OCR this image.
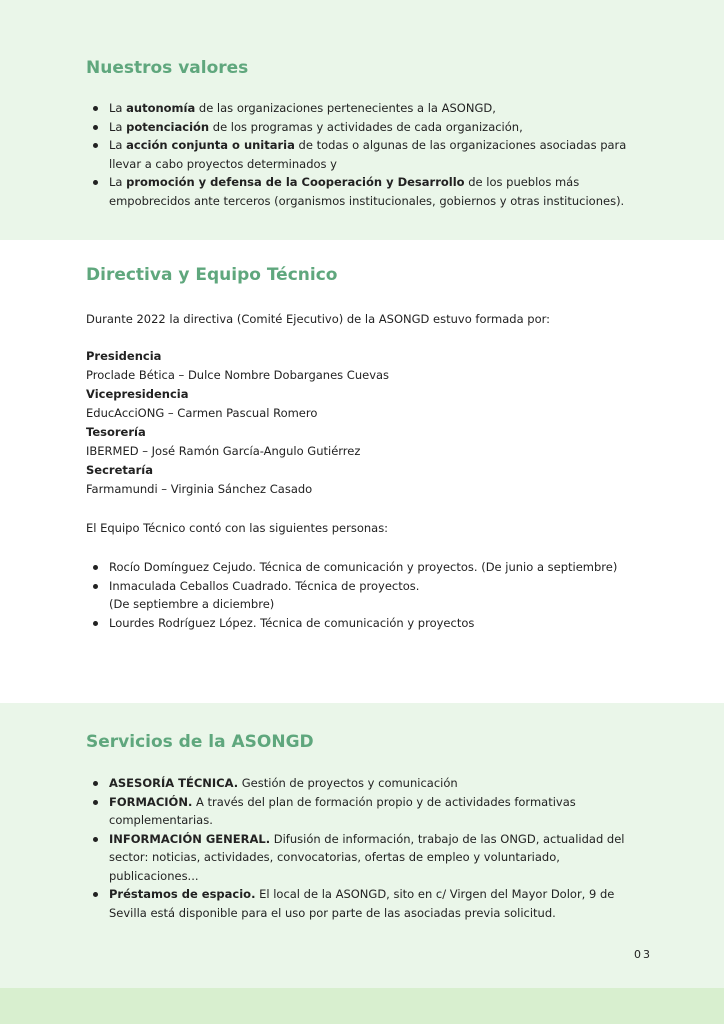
Nuestros valores
La autonomía de las organizaciones pertenecientes a la ASONGD,
La potenciación de los programas y actividades de cada organización,
La acción conjunta o unitaria de todas o algunas de las organizaciones asociadas para llevar a cabo proyectos determinados y
La promoción y defensa de la Cooperación y Desarrollo de los pueblos más empobrecidos ante terceros (organismos institucionales, gobiernos y otras instituciones).
Directiva y Equipo Técnico
Durante 2022 la directiva (Comité Ejecutivo) de la ASONGD estuvo formada por:
Presidencia
Proclade Bética – Dulce Nombre Dobarganes Cuevas
Vicepresidencia
EducAcciONG – Carmen Pascual Romero
Tesorería
IBERMED – José Ramón García-Angulo Gutiérrez
Secretaría
Farmamundi – Virginia Sánchez Casado
El Equipo Técnico contó con las siguientes personas:
Rocío Domínguez Cejudo. Técnica de comunicación y proyectos. (De junio a septiembre)
Inmaculada Ceballos Cuadrado. Técnica de proyectos.
(De septiembre a diciembre)
Lourdes Rodríguez López. Técnica de comunicación y proyectos
Servicios de la ASONGD
ASESORÍA TÉCNICA. Gestión de proyectos y comunicación
FORMACIÓN. A través del plan de formación propio y de actividades formativas complementarias.
INFORMACIÓN GENERAL. Difusión de información, trabajo de las ONGD, actualidad del sector: noticias, actividades, convocatorias, ofertas de empleo y voluntariado, publicaciones...
Préstamos de espacio. El local de la ASONGD, sito en c/ Virgen del Mayor Dolor, 9 de Sevilla está disponible para el uso por parte de las asociadas previa solicitud.
03
